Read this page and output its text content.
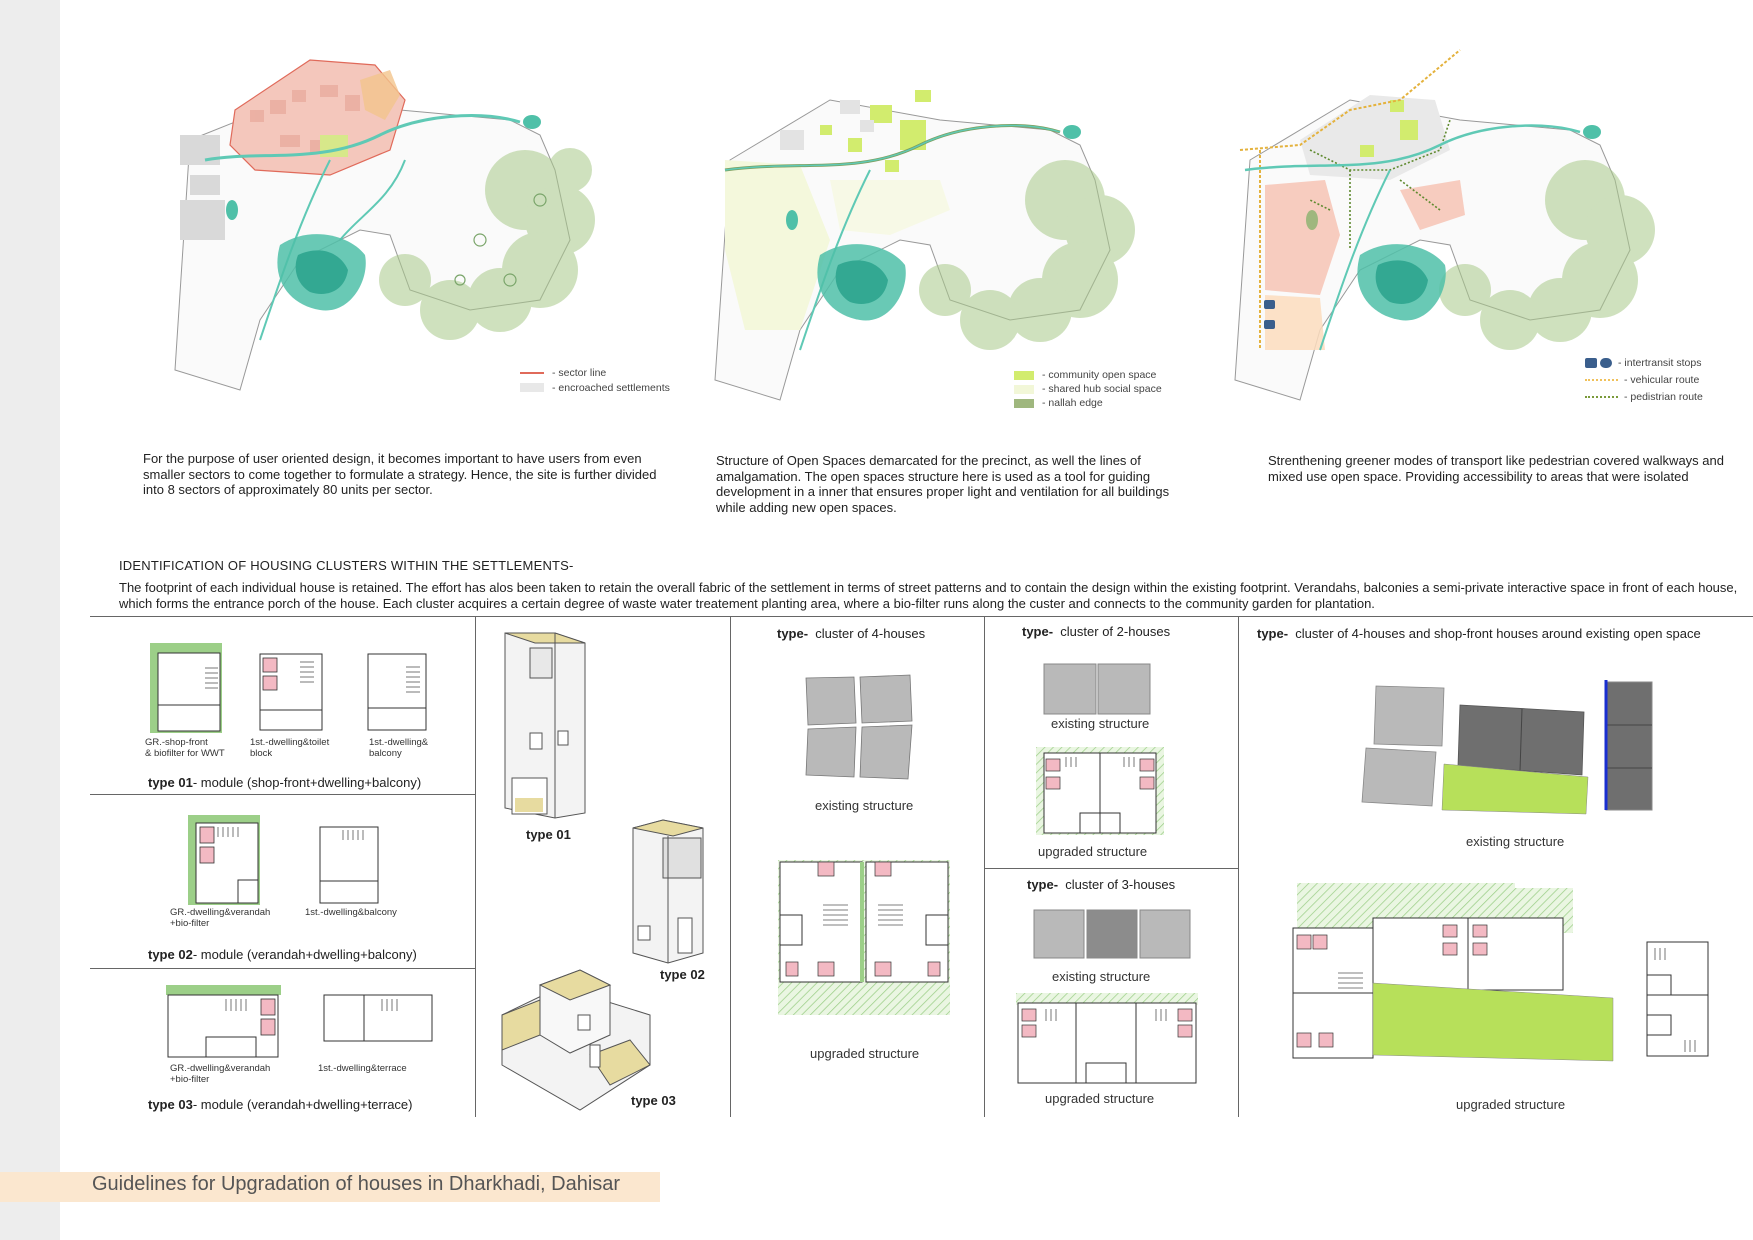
- sector line
- encroached settlements
For the purpose of user oriented design, it becomes important to have users from even smaller sectors to come together to formulate a strategy. Hence, the site is further divided into 8 sectors of approximately 80 units per sector.
- community open space
- shared hub social space
- nallah edge
Structure of Open Spaces demarcated for the precinct, as well the lines of amalgamation. The open spaces structure here is used as a tool for guiding development in a inner that ensures proper light and ventilation for all buildings while adding new open spaces.
- intertransit stops
- vehicular route
- pedistrian route
Strenthening greener modes of transport like pedestrian covered walkways and mixed use open space. Providing accessibility to areas that were isolated
IDENTIFICATION OF HOUSING CLUSTERS WITHIN THE SETTLEMENTS-
The footprint of each individual house is retained. The effort has alos been taken to retain the overall fabric of the settlement in terms of street patterns and to contain the design within the existing footprint. Verandahs, balconies a semi-private interactive space in front of each house, which forms the entrance porch of the house. Each cluster acquires a certain degree of waste water treatement planting area, where a bio-filter runs along the custer and connects to the community garden for plantation.
GR.-shop-front
& biofilter for WWT
1st.-dwelling&toilet
block
1st.-dwelling&
balcony
type 01- module (shop-front+dwelling+balcony)
GR.-dwelling&verandah
+bio-filter
1st.-dwelling&balcony
type 02- module (verandah+dwelling+balcony)
GR.-dwelling&verandah
+bio-filter
1st.-dwelling&terrace
type 03- module (verandah+dwelling+terrace)
type 01
type 02
type 03
type- cluster of 4-houses
existing structure
upgraded structure
type- cluster of 2-houses
existing structure
upgraded structure
type- cluster of 3-houses
existing structure
upgraded structure
type- cluster of 4-houses and shop-front houses around existing open space
existing structure
upgraded structure
Guidelines for Upgradation of houses in Dharkhadi, Dahisar
